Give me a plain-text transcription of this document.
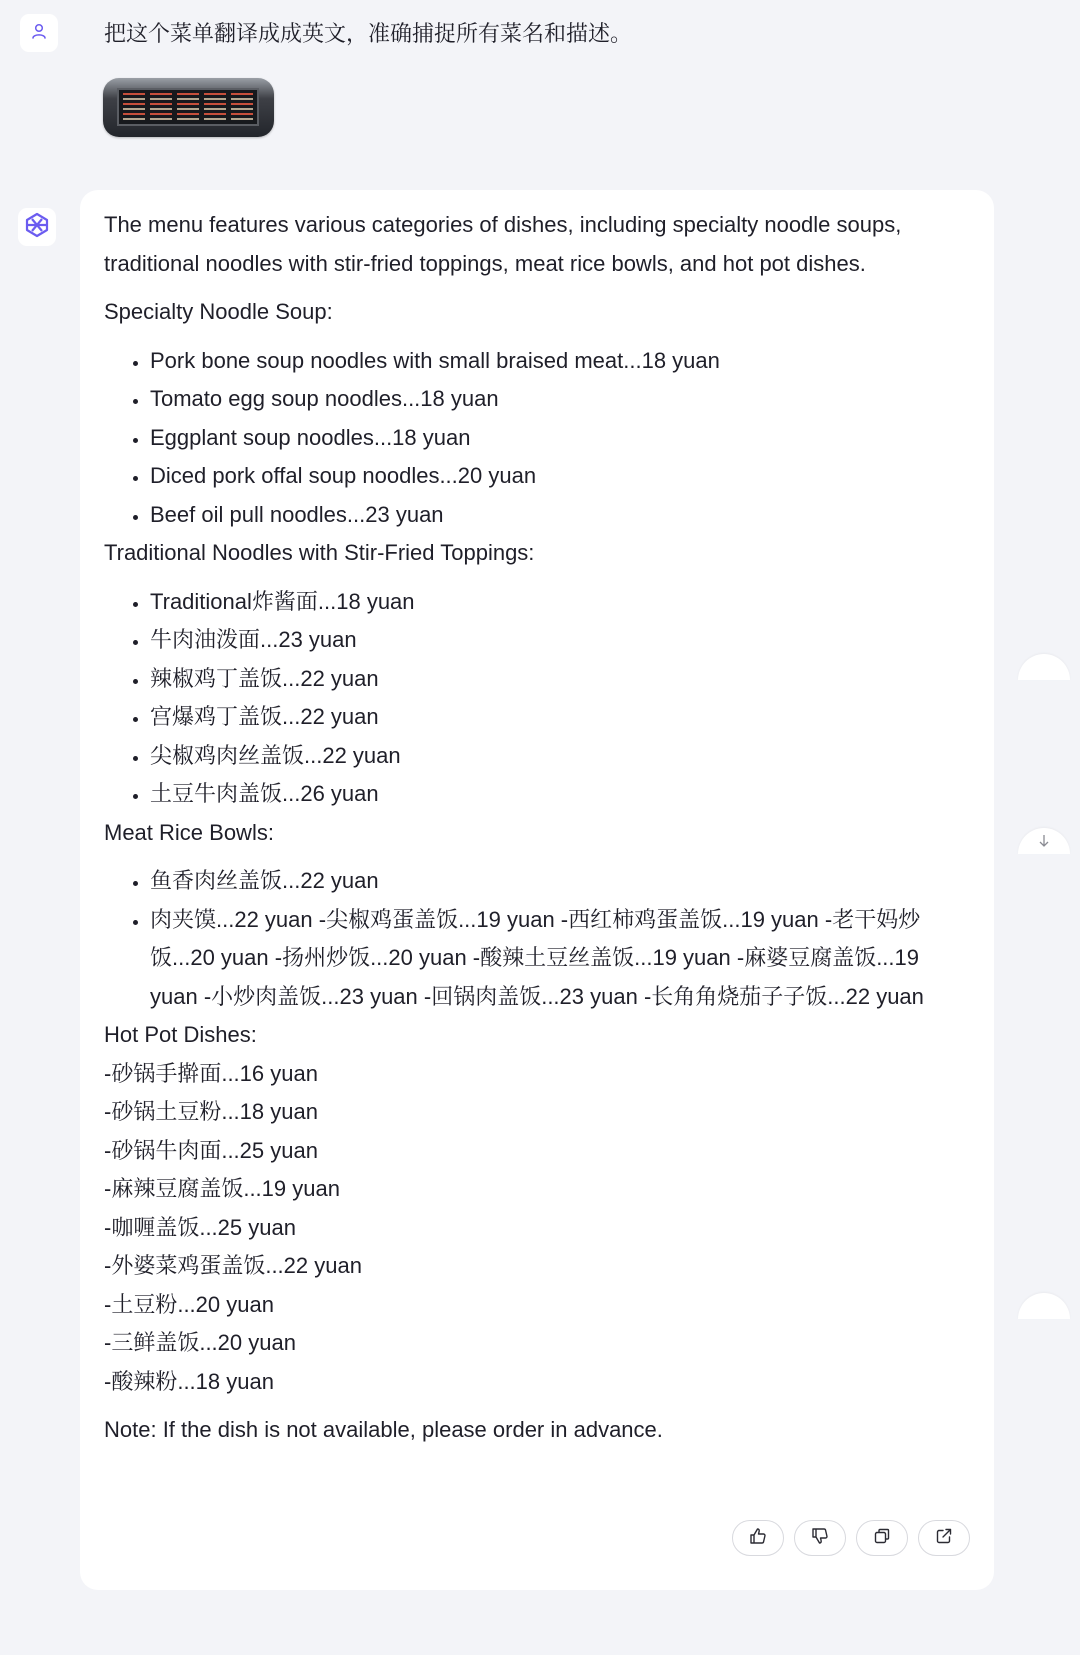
把这个菜单翻译成成英文，准确捕捉所有菜名和描述。

The menu features various categories of dishes, including specialty noodle soups, traditional noodles with stir-fried toppings, meat rice bowls, and hot pot dishes.

Specialty Noodle Soup:

• Pork bone soup noodles with small braised meat...18 yuan
• Tomato egg soup noodles...18 yuan
• Eggplant soup noodles...18 yuan
• Diced pork offal soup noodles...20 yuan
• Beef oil pull noodles...23 yuan

Traditional Noodles with Stir-Fried Toppings:

• Traditional炸酱面...18 yuan
• 牛肉油泼面...23 yuan
• 辣椒鸡丁盖饭...22 yuan
• 宫爆鸡丁盖饭...22 yuan
• 尖椒鸡肉丝盖饭...22 yuan
• 土豆牛肉盖饭...26 yuan

Meat Rice Bowls:

• 鱼香肉丝盖饭...22 yuan
• 肉夹馍...22 yuan -尖椒鸡蛋盖饭...19 yuan -西红柿鸡蛋盖饭...19 yuan -老干妈炒饭...20 yuan -扬州炒饭...20 yuan -酸辣土豆丝盖饭...19 yuan -麻婆豆腐盖饭...19 yuan -小炒肉盖饭...23 yuan -回锅肉盖饭...23 yuan -长角角烧茄子子饭...22 yuan

Hot Pot Dishes:

-砂锅手擀面...16 yuan

-砂锅土豆粉...18 yuan

-砂锅牛肉面...25 yuan

-麻辣豆腐盖饭...19 yuan

-咖喱盖饭...25 yuan

-外婆菜鸡蛋盖饭...22 yuan

-土豆粉...20 yuan

-三鲜盖饭...20 yuan

-酸辣粉...18 yuan

Note: If the dish is not available, please order in advance.
